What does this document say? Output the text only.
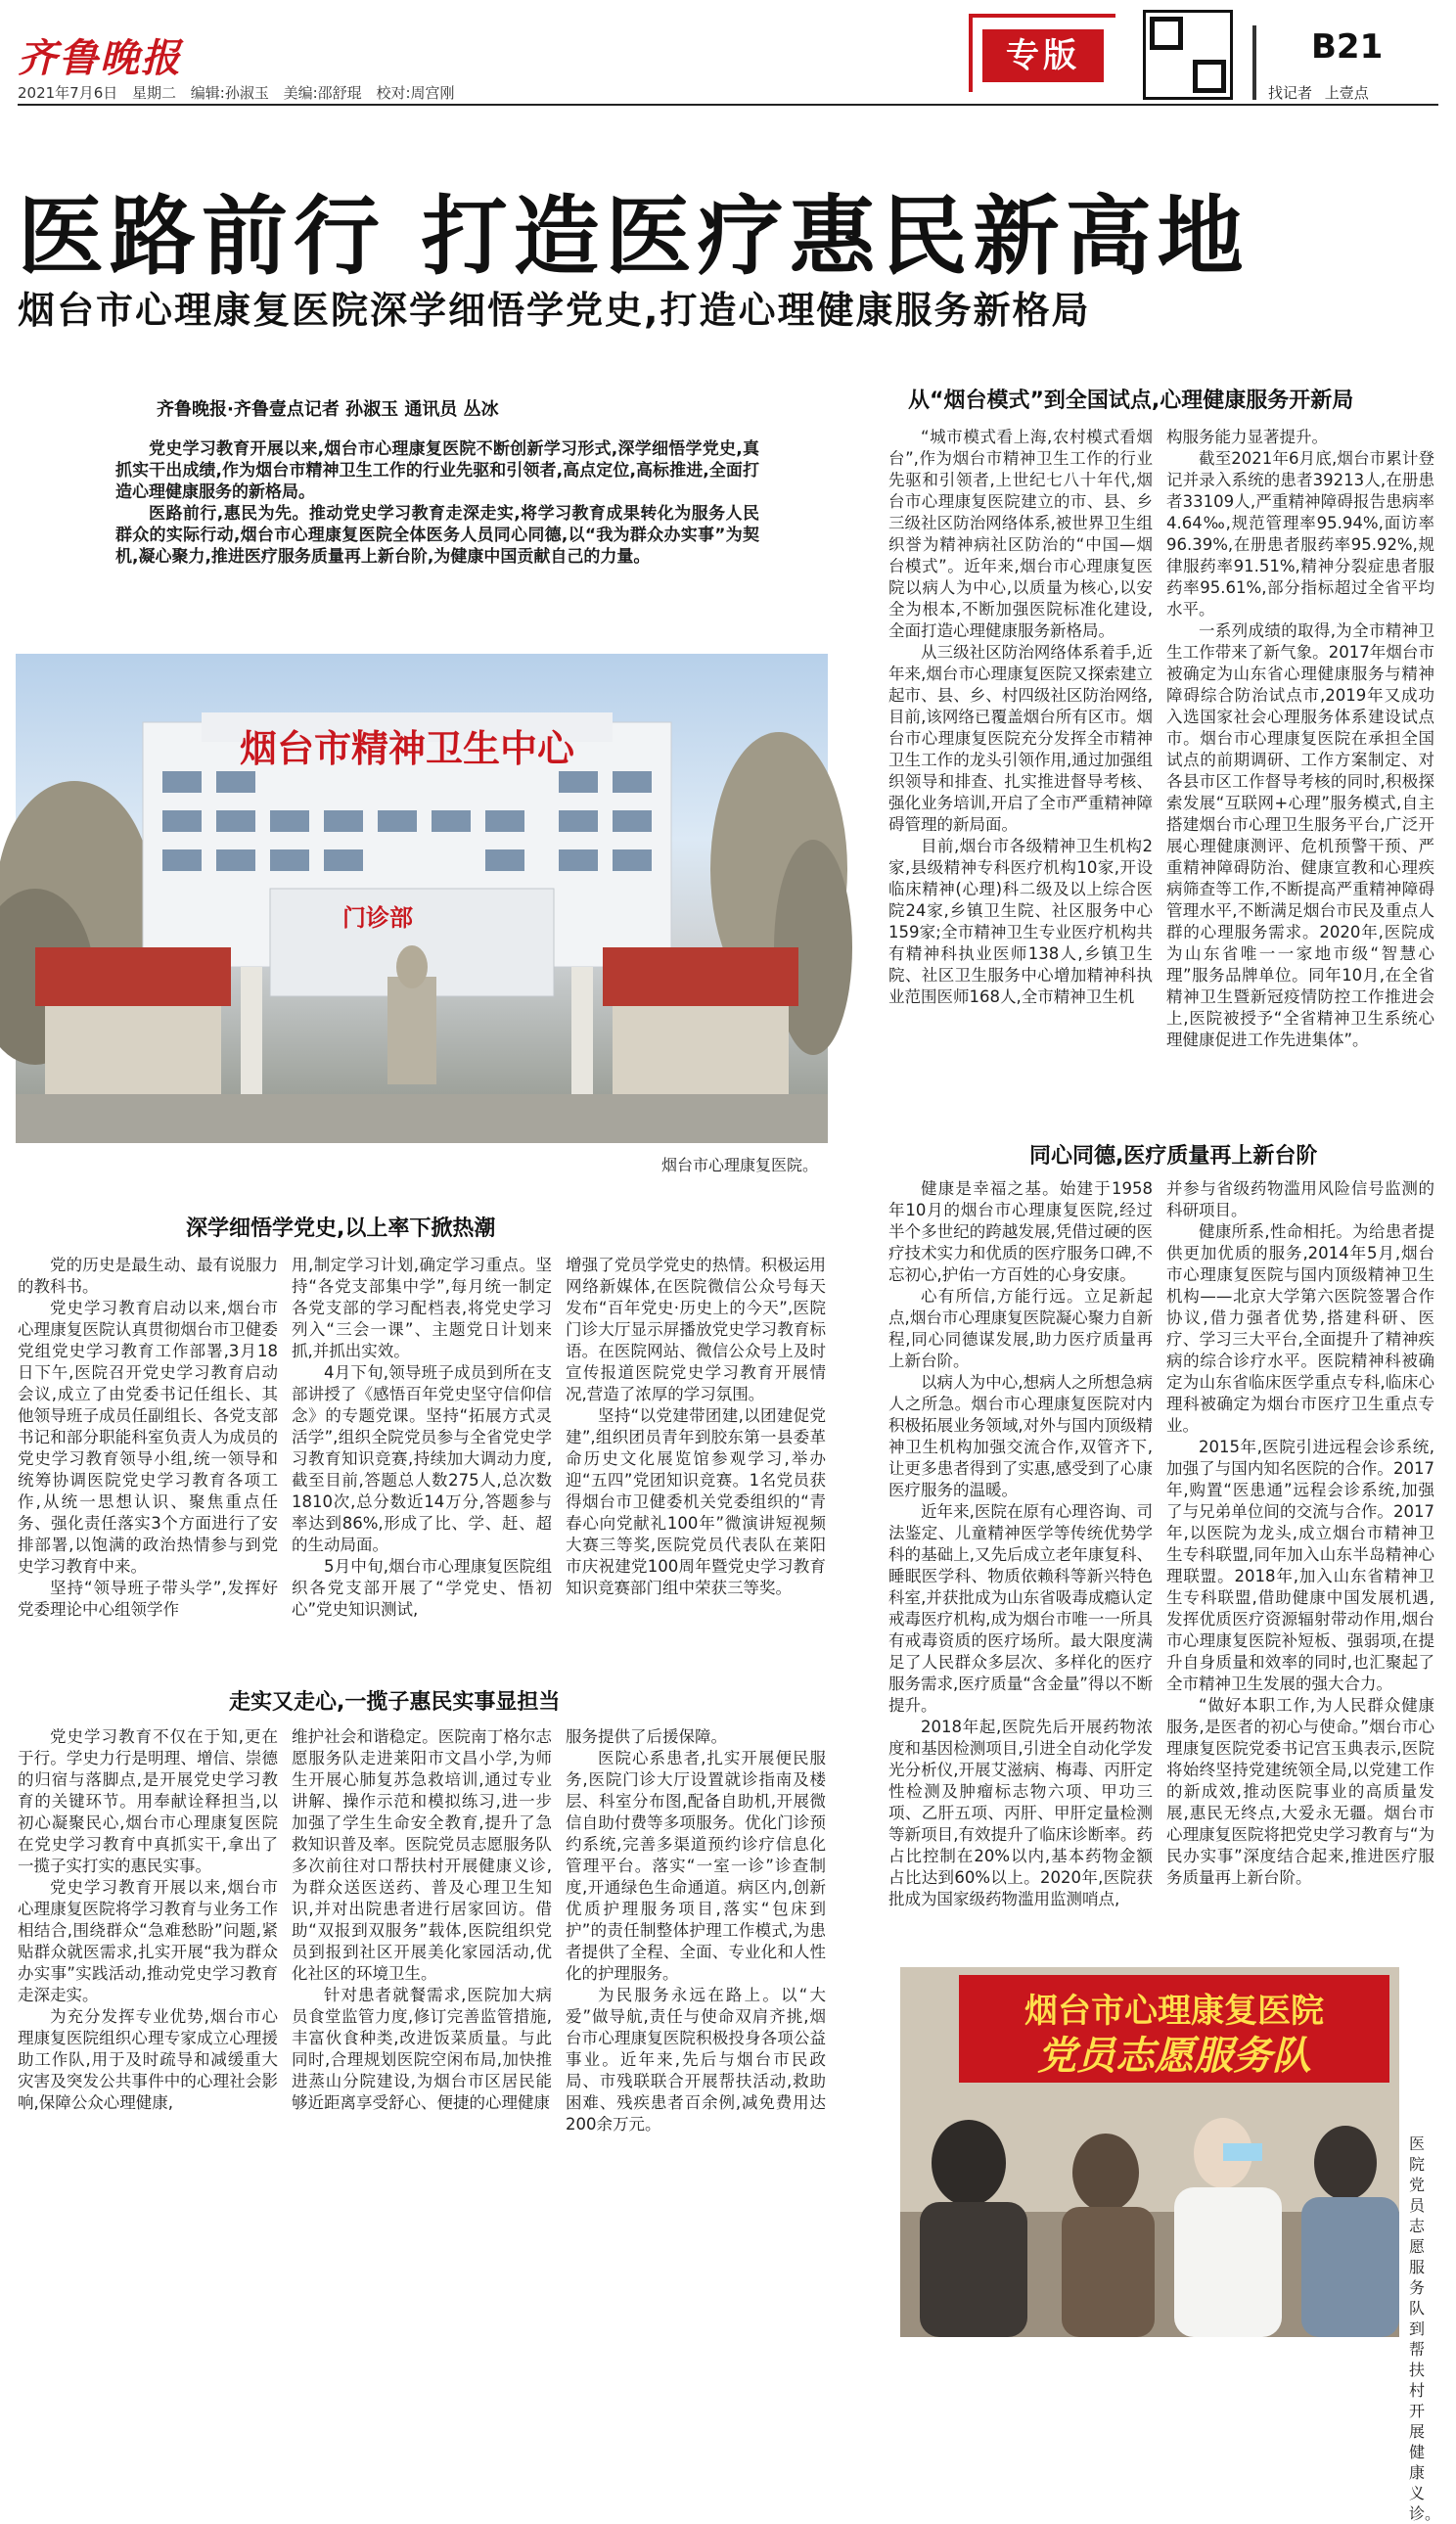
齐鲁晚报
2021年7月6日 星期二 编辑:孙淑玉 美编:邵舒琨 校对:周宫刚
专版	B21
找记者 上壹点
医路前行 打造医疗惠民新高地
烟台市心理康复医院深学细悟学党史,打造心理健康服务新格局
齐鲁晚报·齐鲁壹点记者 孙淑玉 通讯员 丛冰

党史学习教育开展以来,烟台市心理康复医院不断创新学习形式,深学细悟学党史,真抓实干出成绩,作为烟台市精神卫生工作的行业先驱和引领者,高点定位,高标推进,全面打造心理健康服务的新格局。

医路前行,惠民为先。推动党史学习教育走深走实,将学习教育成果转化为服务人民群众的实际行动,烟台市心理康复医院全体医务人员同心同德,以“我为群众办实事”为契机,凝心聚力,推进医疗服务质量再上新台阶,为健康中国贡献自己的力量。

烟台市精神卫生中心
门诊部
烟台市心理康复医院。
深学细悟学党史,以上率下掀热潮

党的历史是最生动、最有说服力的教科书。

党史学习教育启动以来,烟台市心理康复医院认真贯彻烟台市卫健委党组党史学习教育工作部署,3月18日下午,医院召开党史学习教育启动会议,成立了由党委书记任组长、其他领导班子成员任副组长、各党支部书记和部分职能科室负责人为成员的党史学习教育领导小组,统一领导和统筹协调医院党史学习教育各项工作,从统一思想认识、聚焦重点任务、强化责任落实3个方面进行了安排部署,以饱满的政治热情参与到党史学习教育中来。

坚持“领导班子带头学”,发挥好党委理论中心组领学作

用,制定学习计划,确定学习重点。坚持“各党支部集中学”,每月统一制定各党支部的学习配档表,将党史学习列入“三会一课”、主题党日计划来抓,并抓出实效。

4月下旬,领导班子成员到所在支部讲授了《感悟百年党史坚守信仰信念》的专题党课。坚持“拓展方式灵活学”,组织全院党员参与全省党史学习教育知识竞赛,持续加大调动力度,截至目前,答题总人数275人,总次数1810次,总分数近14万分,答题参与率达到86%,形成了比、学、赶、超的生动局面。

5月中旬,烟台市心理康复医院组织各党支部开展了“学党史、悟初心”党史知识测试,

增强了党员学党史的热情。积极运用网络新媒体,在医院微信公众号每天发布“百年党史·历史上的今天”,医院门诊大厅显示屏播放党史学习教育标语。在医院网站、微信公众号上及时宣传报道医院党史学习教育开展情况,营造了浓厚的学习氛围。

坚持“以党建带团建,以团建促党建”,组织团员青年到胶东第一县委革命历史文化展览馆参观学习,举办迎“五四”党团知识竞赛。1名党员获得烟台市卫健委机关党委组织的“青春心向党献礼100年”微演讲短视频大赛三等奖,医院党员代表队在莱阳市庆祝建党100周年暨党史学习教育知识竞赛部门组中荣获三等奖。

走实又走心,一揽子惠民实事显担当

党史学习教育不仅在于知,更在于行。学史力行是明理、增信、崇德的归宿与落脚点,是开展党史学习教育的关键环节。用奉献诠释担当,以初心凝聚民心,烟台市心理康复医院在党史学习教育中真抓实干,拿出了一揽子实打实的惠民实事。

党史学习教育开展以来,烟台市心理康复医院将学习教育与业务工作相结合,围绕群众“急难愁盼”问题,紧贴群众就医需求,扎实开展“我为群众办实事”实践活动,推动党史学习教育走深走实。

为充分发挥专业优势,烟台市心理康复医院组织心理专家成立心理援助工作队,用于及时疏导和减缓重大灾害及突发公共事件中的心理社会影响,保障公众心理健康,

维护社会和谐稳定。医院南丁格尔志愿服务队走进莱阳市文昌小学,为师生开展心肺复苏急救培训,通过专业讲解、操作示范和模拟练习,进一步加强了学生生命安全教育,提升了急救知识普及率。医院党员志愿服务队多次前往对口帮扶村开展健康义诊,为群众送医送药、普及心理卫生知识,并对出院患者进行居家回访。借助“双报到双服务”载体,医院组织党员到报到社区开展美化家园活动,优化社区的环境卫生。

针对患者就餐需求,医院加大病员食堂监管力度,修订完善监管措施,丰富伙食种类,改进饭菜质量。与此同时,合理规划医院空闲布局,加快推进蒸山分院建设,为烟台市区居民能够近距离享受舒心、便捷的心理健康

服务提供了后援保障。

医院心系患者,扎实开展便民服务,医院门诊大厅设置就诊指南及楼层、科室分布图,配备自助机,开展微信自助付费等多项服务。优化门诊预约系统,完善多渠道预约诊疗信息化管理平台。落实“一室一诊”诊查制度,开通绿色生命通道。病区内,创新优质护理服务项目,落实“包床到护”的责任制整体护理工作模式,为患者提供了全程、全面、专业化和人性化的护理服务。

为民服务永远在路上。以“大爱”做导航,责任与使命双肩齐挑,烟台市心理康复医院积极投身各项公益事业。近年来,先后与烟台市民政局、市残联联合开展帮扶活动,救助困难、残疾患者百余例,减免费用达200余万元。

从“烟台模式”到全国试点,心理健康服务开新局

“城市模式看上海,农村模式看烟台”,作为烟台市精神卫生工作的行业先驱和引领者,上世纪七八十年代,烟台市心理康复医院建立的市、县、乡三级社区防治网络体系,被世界卫生组织誉为精神病社区防治的“中国—烟台模式”。近年来,烟台市心理康复医院以病人为中心,以质量为核心,以安全为根本,不断加强医院标准化建设,全面打造心理健康服务新格局。

从三级社区防治网络体系着手,近年来,烟台市心理康复医院又探索建立起市、县、乡、村四级社区防治网络,目前,该网络已覆盖烟台所有区市。烟台市心理康复医院充分发挥全市精神卫生工作的龙头引领作用,通过加强组织领导和排查、扎实推进督导考核、强化业务培训,开启了全市严重精神障碍管理的新局面。

目前,烟台市各级精神卫生机构2家,县级精神专科医疗机构10家,开设临床精神(心理)科二级及以上综合医院24家,乡镇卫生院、社区服务中心159家;全市精神卫生专业医疗机构共有精神科执业医师138人,乡镇卫生院、社区卫生服务中心增加精神科执业范围医师168人,全市精神卫生机

构服务能力显著提升。

截至2021年6月底,烟台市累计登记并录入系统的患者39213人,在册患者33109人,严重精神障碍报告患病率4.64‰,规范管理率95.94%,面访率96.39%,在册患者服药率95.92%,规律服药率91.51%,精神分裂症患者服药率95.61%,部分指标超过全省平均水平。

一系列成绩的取得,为全市精神卫生工作带来了新气象。2017年烟台市被确定为山东省心理健康服务与精神障碍综合防治试点市,2019年又成功入选国家社会心理服务体系建设试点市。烟台市心理康复医院在承担全国试点的前期调研、工作方案制定、对各县市区工作督导考核的同时,积极探索发展“互联网+心理”服务模式,自主搭建烟台市心理卫生服务平台,广泛开展心理健康测评、危机预警干预、严重精神障碍防治、健康宣教和心理疾病筛查等工作,不断提高严重精神障碍管理水平,不断满足烟台市民及重点人群的心理服务需求。2020年,医院成为山东省唯一一家地市级“智慧心理”服务品牌单位。同年10月,在全省精神卫生暨新冠疫情防控工作推进会上,医院被授予“全省精神卫生系统心理健康促进工作先进集体”。

同心同德,医疗质量再上新台阶

健康是幸福之基。始建于1958年10月的烟台市心理康复医院,经过半个多世纪的跨越发展,凭借过硬的医疗技术实力和优质的医疗服务口碑,不忘初心,护佑一方百姓的心身安康。

心有所信,方能行远。立足新起点,烟台市心理康复医院凝心聚力自新程,同心同德谋发展,助力医疗质量再上新台阶。

以病人为中心,想病人之所想急病人之所急。烟台市心理康复医院对内积极拓展业务领域,对外与国内顶级精神卫生机构加强交流合作,双管齐下,让更多患者得到了实惠,感受到了心康医疗服务的温暖。

近年来,医院在原有心理咨询、司法鉴定、儿童精神医学等传统优势学科的基础上,又先后成立老年康复科、睡眠医学科、物质依赖科等新兴特色科室,并获批成为山东省吸毒成瘾认定戒毒医疗机构,成为烟台市唯一一所具有戒毒资质的医疗场所。最大限度满足了人民群众多层次、多样化的医疗服务需求,医疗质量“含金量”得以不断提升。

2018年起,医院先后开展药物浓度和基因检测项目,引进全自动化学发光分析仪,开展艾滋病、梅毒、丙肝定性检测及肿瘤标志物六项、甲功三项、乙肝五项、丙肝、甲肝定量检测等新项目,有效提升了临床诊断率。药占比控制在20%以内,基本药物金额占比达到60%以上。2020年,医院获批成为国家级药物滥用监测哨点,

并参与省级药物滥用风险信号监测的科研项目。

健康所系,性命相托。为给患者提供更加优质的服务,2014年5月,烟台市心理康复医院与国内顶级精神卫生机构——北京大学第六医院签署合作协议,借力强者优势,搭建科研、医疗、学习三大平台,全面提升了精神疾病的综合诊疗水平。医院精神科被确定为山东省临床医学重点专科,临床心理科被确定为烟台市医疗卫生重点专业。

2015年,医院引进远程会诊系统,加强了与国内知名医院的合作。2017年,购置“医患通”远程会诊系统,加强了与兄弟单位间的交流与合作。2017年,以医院为龙头,成立烟台市精神卫生专科联盟,同年加入山东半岛精神心理联盟。2018年,加入山东省精神卫生专科联盟,借助健康中国发展机遇,发挥优质医疗资源辐射带动作用,烟台市心理康复医院补短板、强弱项,在提升自身质量和效率的同时,也汇聚起了全市精神卫生发展的强大合力。

“做好本职工作,为人民群众健康服务,是医者的初心与使命。”烟台市心理康复医院党委书记宫玉典表示,医院将始终坚持党建统领全局,以党建工作的新成效,推动医院事业的高质量发展,惠民无终点,大爱永无疆。烟台市心理康复医院将把党史学习教育与“为民办实事”深度结合起来,推进医疗服务质量再上新台阶。

烟台市心理康复医院
党员志愿服务队
医院党员志愿服务队到帮扶村开展健康义诊。
